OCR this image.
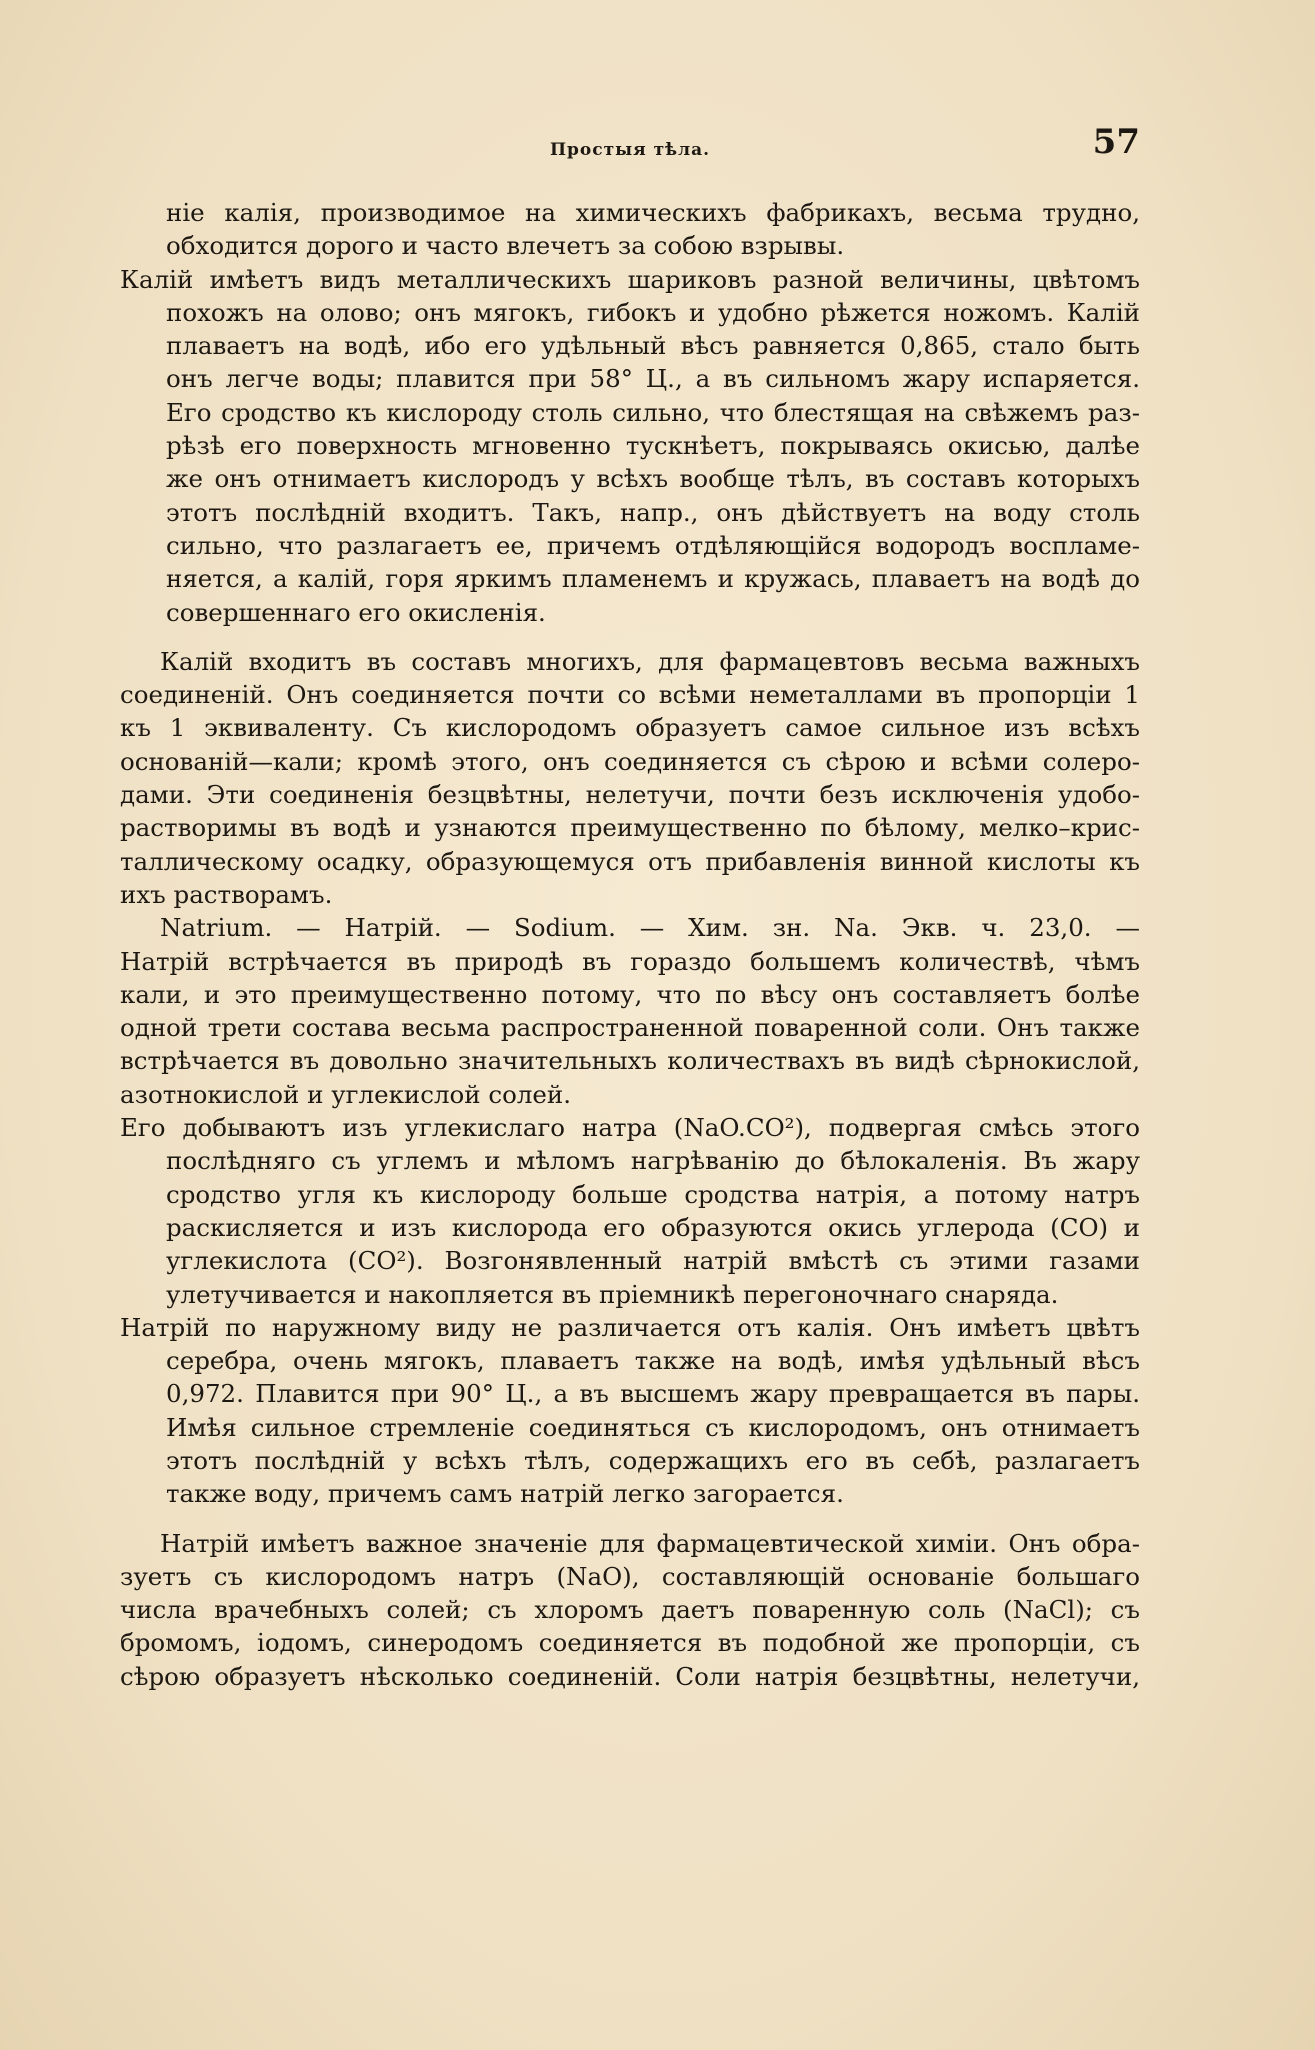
Простыя тѣла.	57
ніе калія, производимое на химическихъ фабрикахъ, весьма трудно,
обходится дорого и часто влечетъ за собою взрывы.
Калій имѣетъ видъ металлическихъ шариковъ разной величины, цвѣтомъ
похожъ на олово; онъ мягокъ, гибокъ и удобно рѣжется ножомъ. Калій
плаваетъ на водѣ, ибо его удѣльный вѣсъ равняется 0,865, стало быть
онъ легче воды; плавится при 58° Ц., а въ сильномъ жару испаряется.
Его сродство къ кислороду столь сильно, что блестящая на свѣжемъ раз-
рѣзѣ его поверхность мгновенно тускнѣетъ, покрываясь окисью, далѣе
же онъ отнимаетъ кислородъ у всѣхъ вообще тѣлъ, въ составъ которыхъ
этотъ послѣдній входитъ. Такъ, напр., онъ дѣйствуетъ на воду столь
сильно, что разлагаетъ ее, причемъ отдѣляющійся водородъ воспламе-
няется, а калій, горя яркимъ пламенемъ и кружась, плаваетъ на водѣ до
совершеннаго его окисленія.
Калій входитъ въ составъ многихъ, для фармацевтовъ весьма важныхъ
соединеній. Онъ соединяется почти со всѣми неметаллами въ пропорціи 1
къ 1 эквиваленту. Съ кислородомъ образуетъ самое сильное изъ всѣхъ
основаній—кали; кромѣ этого, онъ соединяется съ сѣрою и всѣми солеро-
дами. Эти соединенія безцвѣтны, нелетучи, почти безъ исключенія удобо-
растворимы въ водѣ и узнаются преимущественно по бѣлому, мелко–крис-
таллическому осадку, образующемуся отъ прибавленія винной кислоты къ
ихъ растворамъ.
Natrium. — Натрій. — Sodium. — Хим. зн. Na. Экв. ч. 23,0. —
Натрій встрѣчается въ природѣ въ гораздо большемъ количествѣ, чѣмъ
кали, и это преимущественно потому, что по вѣсу онъ составляетъ болѣе
одной трети состава весьма распространенной поваренной соли. Онъ также
встрѣчается въ довольно значительныхъ количествахъ въ видѣ сѣрнокислой,
азотнокислой и углекислой солей.
Его добываютъ изъ углекислаго натра (NaO.CO²), подвергая смѣсь этого
послѣдняго съ углемъ и мѣломъ нагрѣванію до бѣлокаленія. Въ жару
сродство угля къ кислороду больше сродства натрія, а потому натръ
раскисляется и изъ кислорода его образуются окись углерода (CO) и
углекислота (CO²). Возгонявленный натрій вмѣстѣ съ этими газами
улетучивается и накопляется въ пріемникѣ перегоночнаго снаряда.
Натрій по наружному виду не различается отъ калія. Онъ имѣетъ цвѣтъ
серебра, очень мягокъ, плаваетъ также на водѣ, имѣя удѣльный вѣсъ
0,972. Плавится при 90° Ц., а въ высшемъ жару превращается въ пары.
Имѣя сильное стремленіе соединяться съ кислородомъ, онъ отнимаетъ
этотъ послѣдній у всѣхъ тѣлъ, содержащихъ его въ себѣ, разлагаетъ
также воду, причемъ самъ натрій легко загорается.
Натрій имѣетъ важное значеніе для фармацевтической химіи. Онъ обра-
зуетъ съ кислородомъ натръ (NaO), составляющій основаніе большаго
числа врачебныхъ солей; съ хлоромъ даетъ поваренную соль (NaCl); съ
бромомъ, іодомъ, синеродомъ соединяется въ подобной же пропорціи, съ
сѣрою образуетъ нѣсколько соединеній. Соли натрія безцвѣтны, нелетучи,
